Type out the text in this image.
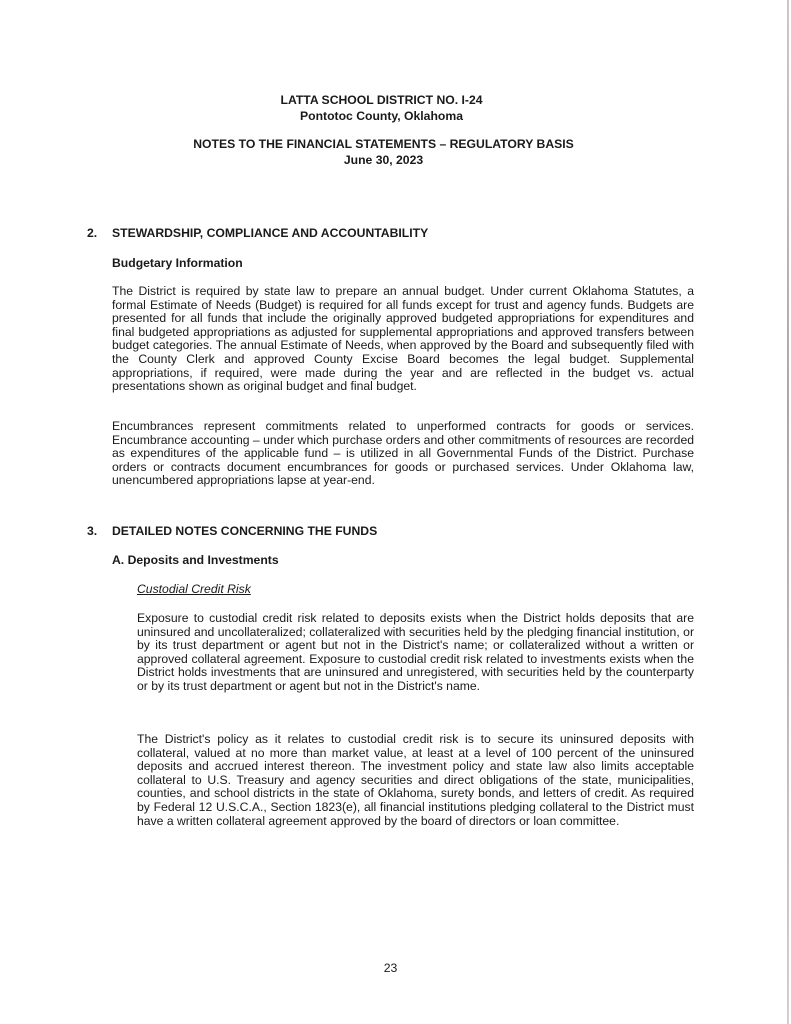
LATTA SCHOOL DISTRICT NO. I-24
Pontotoc County, Oklahoma
NOTES TO THE FINANCIAL STATEMENTS – REGULATORY BASIS
June 30, 2023
2. STEWARDSHIP, COMPLIANCE AND ACCOUNTABILITY
Budgetary Information
The District is required by state law to prepare an annual budget. Under current Oklahoma Statutes, a formal Estimate of Needs (Budget) is required for all funds except for trust and agency funds. Budgets are presented for all funds that include the originally approved budgeted appropriations for expenditures and final budgeted appropriations as adjusted for supplemental appropriations and approved transfers between budget categories. The annual Estimate of Needs, when approved by the Board and subsequently filed with the County Clerk and approved County Excise Board becomes the legal budget. Supplemental appropriations, if required, were made during the year and are reflected in the budget vs. actual presentations shown as original budget and final budget.
Encumbrances represent commitments related to unperformed contracts for goods or services. Encumbrance accounting – under which purchase orders and other commitments of resources are recorded as expenditures of the applicable fund – is utilized in all Governmental Funds of the District. Purchase orders or contracts document encumbrances for goods or purchased services. Under Oklahoma law, unencumbered appropriations lapse at year-end.
3. DETAILED NOTES CONCERNING THE FUNDS
A. Deposits and Investments
Custodial Credit Risk
Exposure to custodial credit risk related to deposits exists when the District holds deposits that are uninsured and uncollateralized; collateralized with securities held by the pledging financial institution, or by its trust department or agent but not in the District's name; or collateralized without a written or approved collateral agreement. Exposure to custodial credit risk related to investments exists when the District holds investments that are uninsured and unregistered, with securities held by the counterparty or by its trust department or agent but not in the District's name.
The District's policy as it relates to custodial credit risk is to secure its uninsured deposits with collateral, valued at no more than market value, at least at a level of 100 percent of the uninsured deposits and accrued interest thereon. The investment policy and state law also limits acceptable collateral to U.S. Treasury and agency securities and direct obligations of the state, municipalities, counties, and school districts in the state of Oklahoma, surety bonds, and letters of credit. As required by Federal 12 U.S.C.A., Section 1823(e), all financial institutions pledging collateral to the District must have a written collateral agreement approved by the board of directors or loan committee.
23
